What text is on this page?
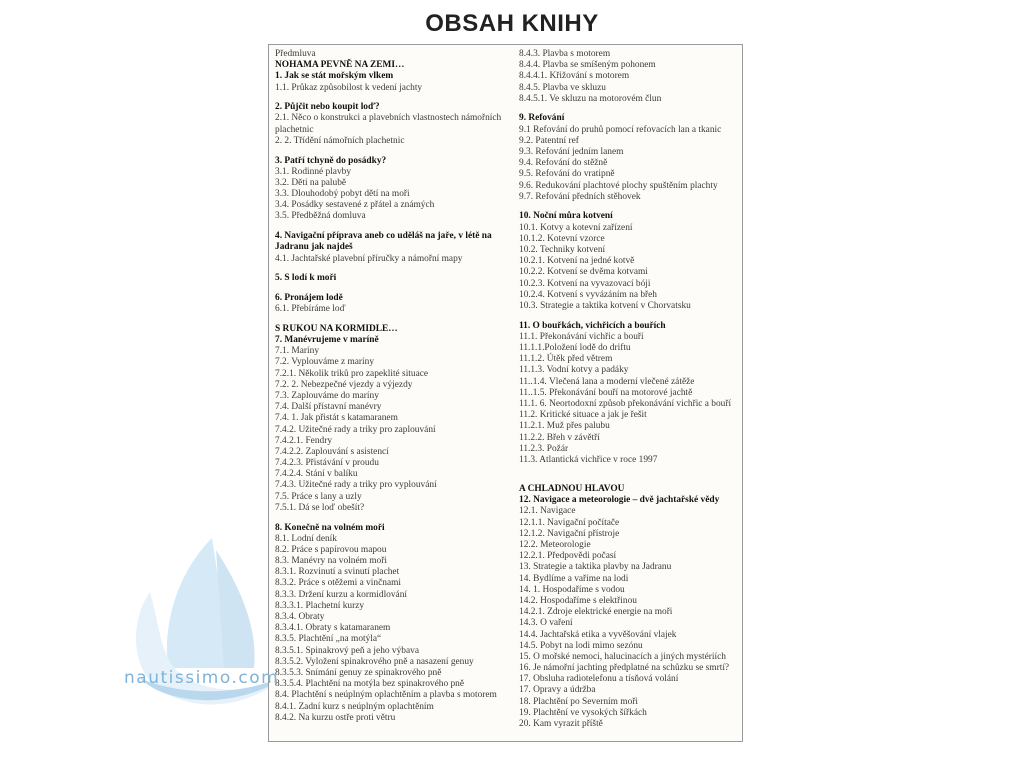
OBSAH KNIHY
nautissimo.com
Předmluva
NOHAMA PEVNĚ NA ZEMI…
1. Jak se stát mořským vlkem
1.1. Průkaz způsobilost k vedení jachty
2. Půjčit nebo koupit loď?
2.1. Něco o konstrukci a plavebních vlastnostech námořních plachetnic
2. 2. Třídění námořních plachetnic
3. Patří tchyně do posádky?
3.1. Rodinné plavby
3.2. Děti na palubě
3.3. Dlouhodobý pobyt dětí na moři
3.4. Posádky sestavené z přátel a známých
3.5. Předběžná domluva
4. Navigační příprava aneb co uděláš na jaře, v létě na Jadranu jak najdeš
4.1. Jachtařské plavební příručky a námořní mapy
5. S lodí k moři
6. Pronájem lodě
6.1. Přebíráme loď
S RUKOU NA KORMIDLE…
7. Manévrujeme v maríně
7.1. Maríny
7.2. Vyplouváme z maríny
7.2.1. Několik triků pro zapeklité situace
7.2. 2. Nebezpečné vjezdy a výjezdy
7.3. Zaplouváme do maríny
7.4. Další přístavní manévry
7.4. 1. Jak přistát s katamaranem
7.4.2. Užitečné rady a triky pro zaplouvání
7.4.2.1. Fendry
7.4.2.2. Zaplouvání s asistencí
7.4.2.3. Přistávání v proudu
7.4.2.4. Stání v balíku
7.4.3. Užitečné rady a triky pro vyplouvání
7.5. Práce s lany a uzly
7.5.1. Dá se loď obešít?
8. Konečně na volném moři
8.1. Lodní deník
8.2. Práce s papírovou mapou
8.3. Manévry na volném moři
8.3.1. Rozvinutí a svinutí plachet
8.3.2. Práce s otěžemi a vinčnami
8.3.3. Držení kurzu a kormidlování
8.3.3.1. Plachetní kurzy
8.3.4. Obraty
8.3.4.1. Obraty s katamaranem
8.3.5. Plachtění „na motýla“
8.3.5.1. Spinakrový peň a jeho výbava
8.3.5.2. Vyložení spinakrového pně a nasazení genuy
8.3.5.3. Snímání genuy ze spinakrového pně
8.3.5.4. Plachtění na motýla bez spinakrového pně
8.4. Plachtění s neúplným oplachtěním a plavba s motorem
8.4.1. Zadní kurz s neúplným oplachtěním
8.4.2. Na kurzu ostře proti větru
8.4.3. Plavba s motorem
8.4.4. Plavba se smíšeným pohonem
8.4.4.1. Křižování s motorem
8.4.5. Plavba ve skluzu
8.4.5.1. Ve skluzu na motorovém člun
9. Refování
9.1 Refování do pruhů pomocí refovacích lan a tkanic
9.2. Patentní ref
9.3. Refování jedním lanem
9.4. Refování do stěžně
9.5. Refování do vratipně
9.6. Redukování plachtové plochy spuštěním plachty
9.7. Refování předních stěhovek
10. Noční můra kotvení
10.1. Kotvy a kotevní zařízení
10.1.2. Kotevní vzorce
10.2. Techniky kotvení
10.2.1. Kotvení na jedné kotvě
10.2.2. Kotvení se dvěma kotvami
10.2.3. Kotvení na vyvazovací bóji
10.2.4. Kotvení s vyvázáním na břeh
10.3. Strategie a taktika kotvení v Chorvatsku
11. O bouřkách, vichřicích a bouřích
11.1. Překonávání vichřic a bouří
11.1.1.Položení lodě do driftu
11.1.2. Útěk před větrem
11.1.3. Vodní kotvy a padáky
11..1.4. Vlečená lana a moderní vlečené zátěže
11..1.5. Překonávání bouří na motorové jachtě
11.1. 6. Neortodoxní způsob překonávání vichřic a bouří
11.2. Kritické situace a jak je řešit
11.2.1. Muž přes palubu
11.2.2. Břeh v závětří
11.2.3. Požár
11.3. Atlantická vichřice v roce 1997
A CHLADNOU HLAVOU
12. Navigace a meteorologie – dvě jachtařské vědy
12.1. Navigace
12.1.1. Navigační počítače
12.1.2. Navigační přístroje
12.2. Meteorologie
12.2.1. Předpovědi počasí
13. Strategie a taktika plavby na Jadranu
14. Bydlíme a vaříme na lodi
14. 1. Hospodaříme s vodou
14.2. Hospodaříme s elektřinou
14.2.1. Zdroje elektrické energie na moři
14.3. O vaření
14.4. Jachtařská etika a vyvěšování vlajek
14.5. Pobyt na lodi mimo sezónu
15. O mořské nemoci, halucinacích a jiných mystériích
16. Je námořní jachting předplatné na schůzku se smrtí?
17. Obsluha radiotelefonu a tísňová volání
17. Opravy a údržba
18. Plachtění po Severním moři
19. Plachtění ve vysokých šířkách
20. Kam vyrazit příště
